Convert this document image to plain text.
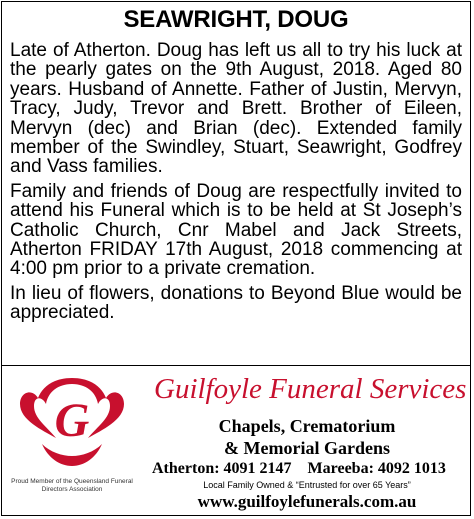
SEAWRIGHT, DOUG

Late of Atherton. Doug has left us all to try his luck at the pearly gates on the 9th August, 2018. Aged 80 years. Husband of Annette. Father of Justin, Mervyn, Tracy, Judy, Trevor and Brett. Brother of Eileen, Mervyn (dec) and Brian (dec). Extended family member of the Swindley, Stuart, Seawright, Godfrey and Vass families.

Family and friends of Doug are respectfully invited to attend his Funeral which is to be held at St Joseph’s Catholic Church, Cnr Mabel and Jack Streets, Atherton FRIDAY 17th August, 2018 commencing at 4:00 pm prior to a private cremation.

In lieu of flowers, donations to Beyond Blue would be appreciated.

G
Proud Member of the Queensland Funeral Directors Association
Guilfoyle Funeral Services
Chapels, Crematorium
& Memorial Gardens
Atherton: 4091 2147 Mareeba: 4092 1013
Local Family Owned & “Entrusted for over 65 Years”
www.guilfoylefunerals.com.au
